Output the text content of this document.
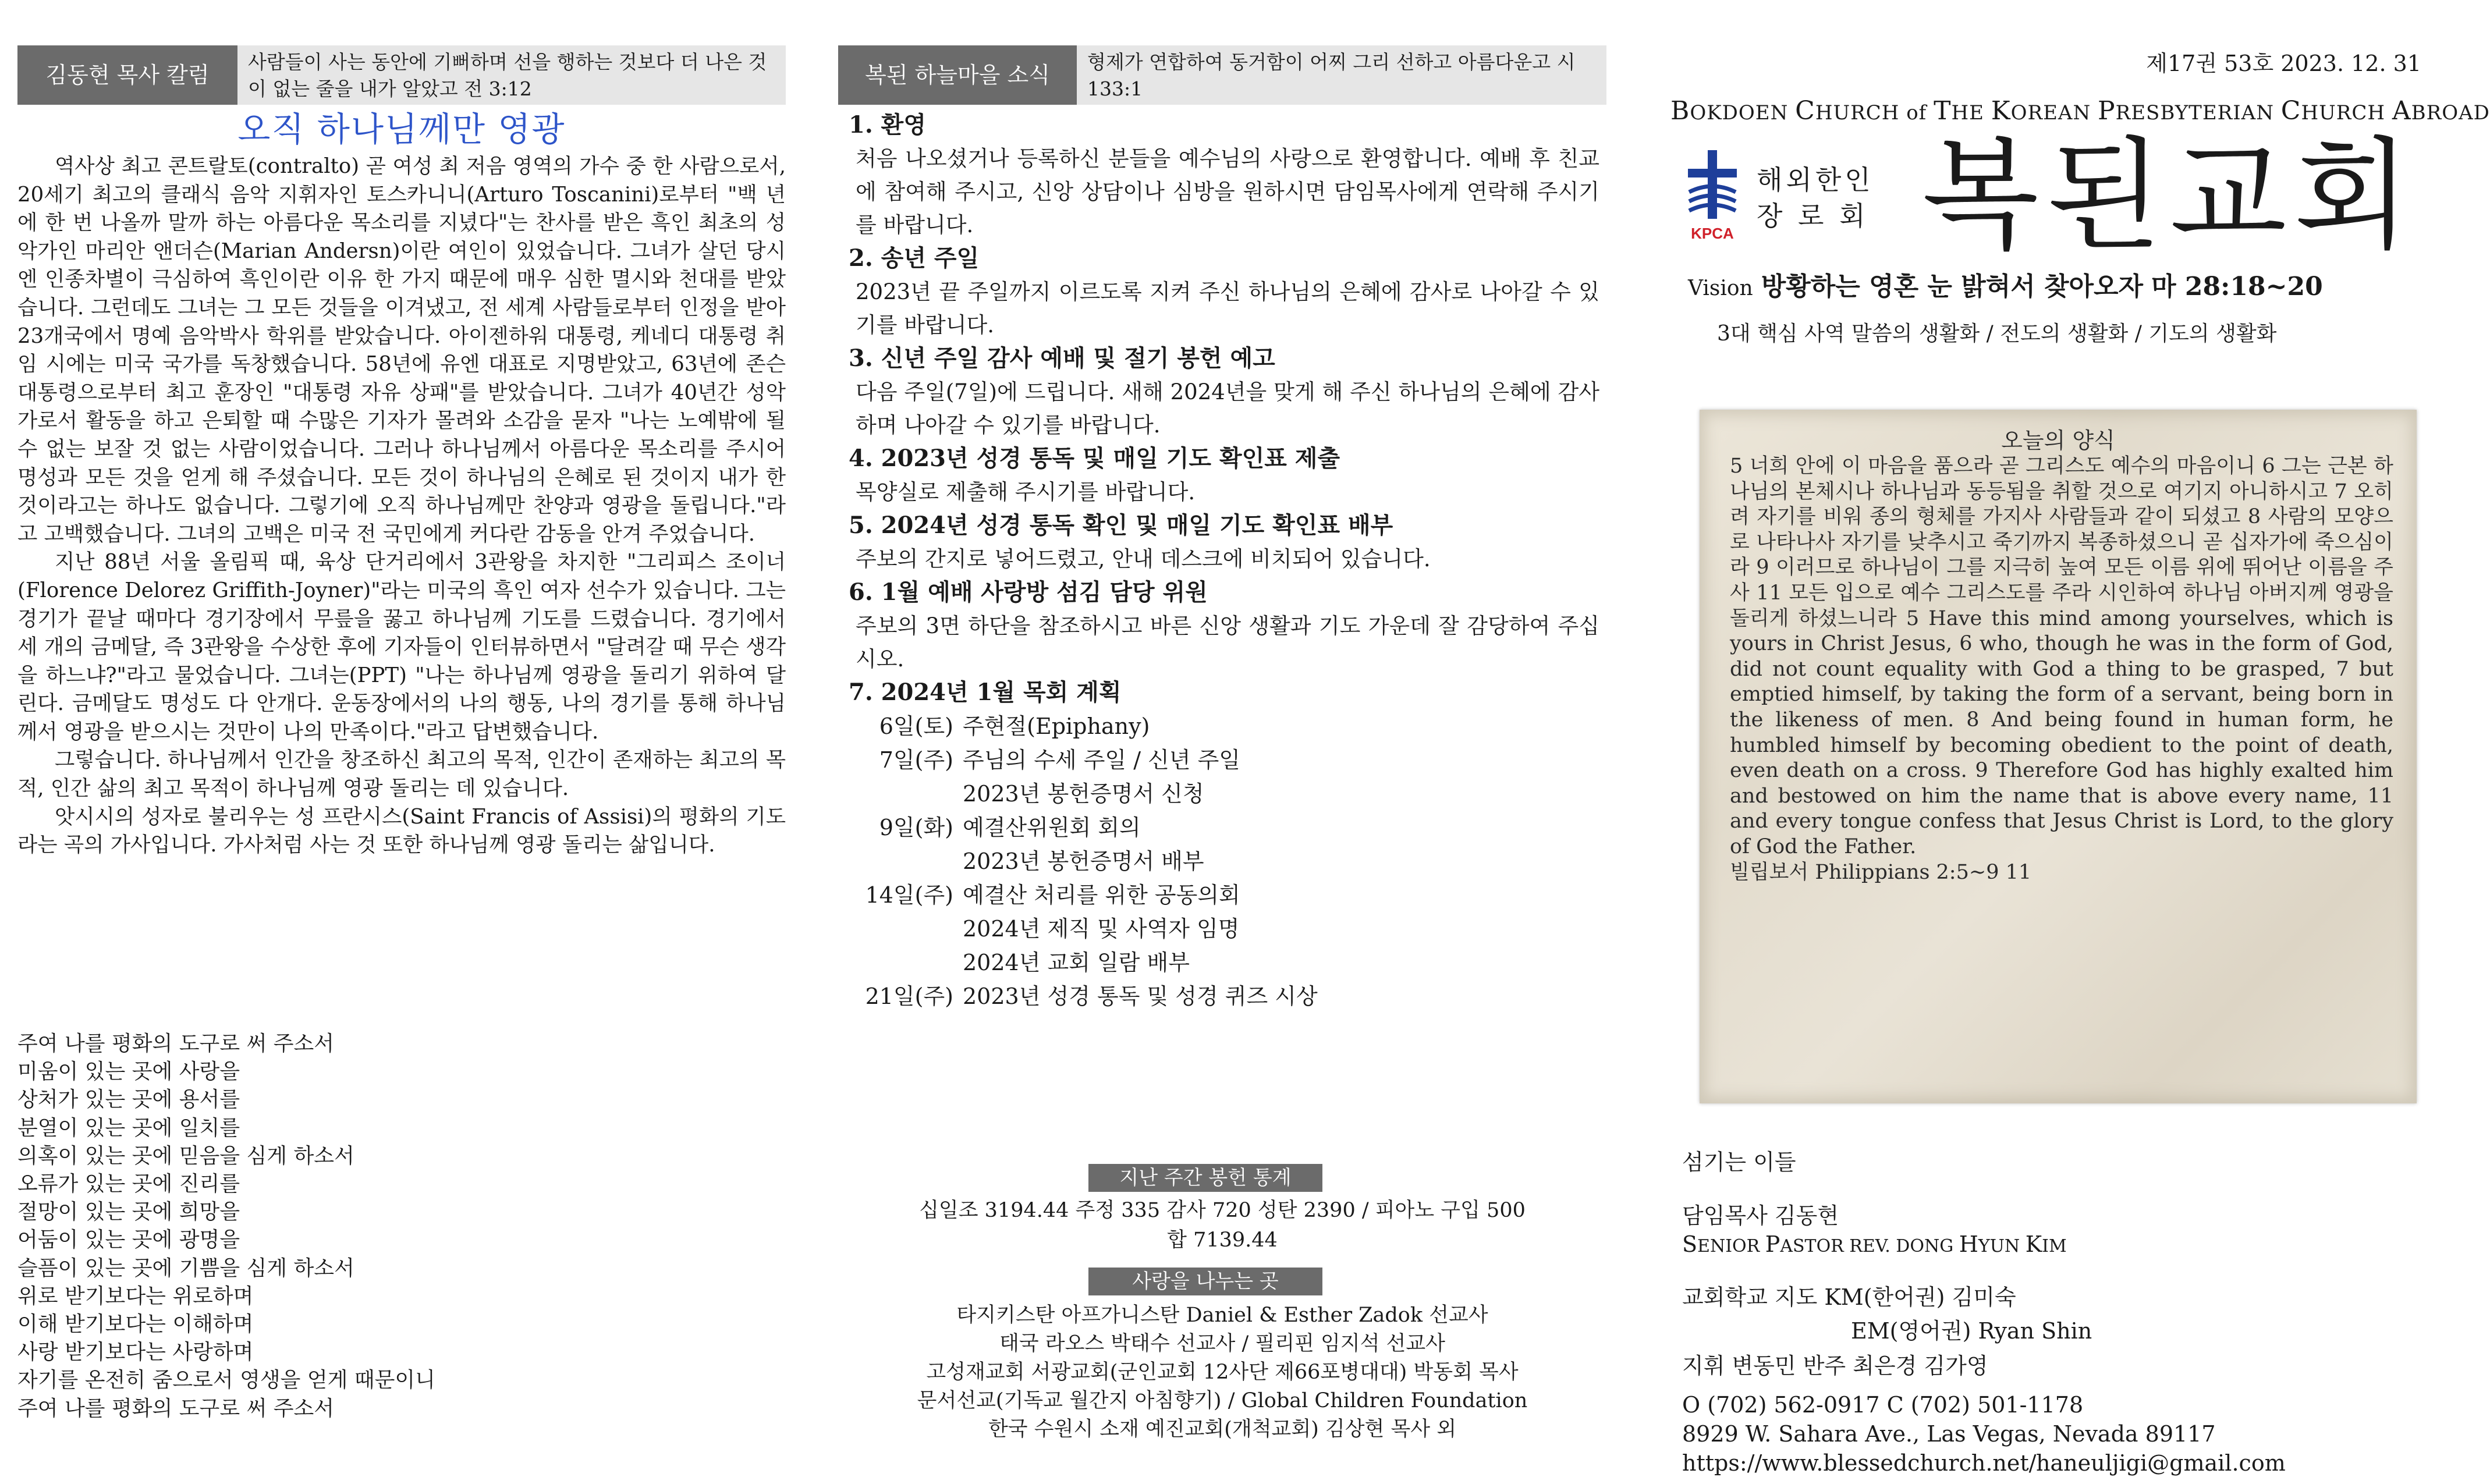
김동현 목사 칼럼
사람들이 사는 동안에 기뻐하며 선을 행하는 것보다 더 나은 것이 없는 줄을 내가 알았고 전 3:12
오직 하나님께만 영광

역사상 최고 콘트랄토(contralto) 곧 여성 최 저음 영역의 가수 중 한 사람으로서, 20세기 최고의 클래식 음악 지휘자인 토스카니니(Arturo Toscanini)로부터 "백 년에 한 번 나올까 말까 하는 아름다운 목소리를 지녔다"는 찬사를 받은 흑인 최초의 성악가인 마리안 앤더슨(Marian Andersn)이란 여인이 있었습니다. 그녀가 살던 당시엔 인종차별이 극심하여 흑인이란 이유 한 가지 때문에 매우 심한 멸시와 천대를 받았습니다. 그런데도 그녀는 그 모든 것들을 이겨냈고, 전 세계 사람들로부터 인정을 받아 23개국에서 명예 음악박사 학위를 받았습니다. 아이젠하워 대통령, 케네디 대통령 취임 시에는 미국 국가를 독창했습니다. 58년에 유엔 대표로 지명받았고, 63년에 존슨 대통령으로부터 최고 훈장인 "대통령 자유 상패"를 받았습니다. 그녀가 40년간 성악가로서 활동을 하고 은퇴할 때 수많은 기자가 몰려와 소감을 묻자 "나는 노예밖에 될 수 없는 보잘 것 없는 사람이었습니다. 그러나 하나님께서 아름다운 목소리를 주시어 명성과 모든 것을 얻게 해 주셨습니다. 모든 것이 하나님의 은혜로 된 것이지 내가 한 것이라고는 하나도 없습니다. 그렇기에 오직 하나님께만 찬양과 영광을 돌립니다."라고 고백했습니다. 그녀의 고백은 미국 전 국민에게 커다란 감동을 안겨 주었습니다.

지난 88년 서울 올림픽 때, 육상 단거리에서 3관왕을 차지한 "그리피스 조이너(Florence Delorez Griffith-Joyner)"라는 미국의 흑인 여자 선수가 있습니다. 그는 경기가 끝날 때마다 경기장에서 무릎을 꿇고 하나님께 기도를 드렸습니다. 경기에서 세 개의 금메달, 즉 3관왕을 수상한 후에 기자들이 인터뷰하면서 "달려갈 때 무슨 생각을 하느냐?"라고 물었습니다. 그녀는(PPT) "나는 하나님께 영광을 돌리기 위하여 달린다. 금메달도 명성도 다 안개다. 운동장에서의 나의 행동, 나의 경기를 통해 하나님께서 영광을 받으시는 것만이 나의 만족이다."라고 답변했습니다.

그렇습니다. 하나님께서 인간을 창조하신 최고의 목적, 인간이 존재하는 최고의 목적, 인간 삶의 최고 목적이 하나님께 영광 돌리는 데 있습니다.

앗시시의 성자로 불리우는 성 프란시스(Saint Francis of Assisi)의 평화의 기도라는 곡의 가사입니다. 가사처럼 사는 것 또한 하나님께 영광 돌리는 삶입니다.

주여 나를 평화의 도구로 써 주소서
미움이 있는 곳에 사랑을
상처가 있는 곳에 용서를
분열이 있는 곳에 일치를
의혹이 있는 곳에 믿음을 심게 하소서
오류가 있는 곳에 진리를
절망이 있는 곳에 희망을
어둠이 있는 곳에 광명을
슬픔이 있는 곳에 기쁨을 심게 하소서
위로 받기보다는 위로하며
이해 받기보다는 이해하며
사랑 받기보다는 사랑하며
자기를 온전히 줌으로서 영생을 얻게 때문이니
주여 나를 평화의 도구로 써 주소서
복된 하늘마을 소식
형제가 연합하여 동거함이 어찌 그리 선하고 아름다운고 시 133:1
1. 환영
처음 나오셨거나 등록하신 분들을 예수님의 사랑으로 환영합니다. 예배 후 친교에 참여해 주시고, 신앙 상담이나 심방을 원하시면 담임목사에게 연락해 주시기를 바랍니다.
2. 송년 주일
2023년 끝 주일까지 이르도록 지켜 주신 하나님의 은혜에 감사로 나아갈 수 있기를 바랍니다.
3. 신년 주일 감사 예배 및 절기 봉헌 예고
다음 주일(7일)에 드립니다. 새해 2024년을 맞게 해 주신 하나님의 은혜에 감사하며 나아갈 수 있기를 바랍니다.
4. 2023년 성경 통독 및 매일 기도 확인표 제출
목양실로 제출해 주시기를 바랍니다.
5. 2024년 성경 통독 확인 및 매일 기도 확인표 배부
주보의 간지로 넣어드렸고, 안내 데스크에 비치되어 있습니다.
6. 1월 예배 사랑방 섬김 담당 위원
주보의 3면 하단을 참조하시고 바른 신앙 생활과 기도 가운데 잘 감당하여 주십시오.
7. 2024년 1월 목회 계획
6일(토) 주현절(Epiphany)
7일(주) 주님의 수세 주일 / 신년 주일
2023년 봉헌증명서 신청
9일(화) 예결산위원회 회의
2023년 봉헌증명서 배부
14일(주) 예결산 처리를 위한 공동의회
2024년 제직 및 사역자 임명
2024년 교회 일람 배부
21일(주) 2023년 성경 통독 및 성경 퀴즈 시상
지난 주간 봉헌 통계
십일조 3194.44 주정 335 감사 720 성탄 2390 / 피아노 구입 500
합 7139.44
사랑을 나누는 곳
타지키스탄 아프가니스탄 Daniel & Esther Zadok 선교사
태국 라오스 박태수 선교사 / 필리핀 임지석 선교사
고성재교회 서광교회(군인교회 12사단 제66포병대대) 박동회 목사
문서선교(기독교 월간지 아침향기) / Global Children Foundation
한국 수원시 소재 예진교회(개척교회) 김상현 목사 외
제17권 53호 2023. 12. 31
BOKDOEN CHURCH of THE KOREAN PRESBYTERIAN CHURCH ABROAD
KPCA
해외한인
장 로 회 복된교회
Vision 방황하는 영혼 눈 밝혀서 찾아오자 마 28:18~20
3대 핵심 사역 말씀의 생활화 / 전도의 생활화 / 기도의 생활화
오늘의 양식
5 너희 안에 이 마음을 품으라 곧 그리스도 예수의 마음이니 6 그는 근본 하나님의 본체시나 하나님과 동등됨을 취할 것으로 여기지 아니하시고 7 오히려 자기를 비워 종의 형체를 가지사 사람들과 같이 되셨고 8 사람의 모양으로 나타나사 자기를 낮추시고 죽기까지 복종하셨으니 곧 십자가에 죽으심이라 9 이러므로 하나님이 그를 지극히 높여 모든 이름 위에 뛰어난 이름을 주사 11 모든 입으로 예수 그리스도를 주라 시인하여 하나님 아버지께 영광을 돌리게 하셨느니라 5 Have this mind among yourselves, which is yours in Christ Jesus, 6 who, though he was in the form of God, did not count equality with God a thing to be grasped, 7 but emptied himself, by taking the form of a servant, being born in the likeness of men. 8 And being found in human form, he humbled himself by becoming obedient to the point of death, even death on a cross. 9 Therefore God has highly exalted him and bestowed on him the name that is above every name, 11 and every tongue confess that Jesus Christ is Lord, to the glory of God the Father.
빌립보서 Philippians 2:5~9 11
섬기는 이들
담임목사 김동현
SENIOR PASTOR REV. DONG HYUN KIM
교회학교 지도 KM(한어권) 김미숙
EM(영어권) Ryan Shin
지휘 변동민 반주 최은경 김가영
O (702) 562-0917 C (702) 501-1178
8929 W. Sahara Ave., Las Vegas, Nevada 89117
https://www.blessedchurch.net/ haneuljigi@gmail.com
